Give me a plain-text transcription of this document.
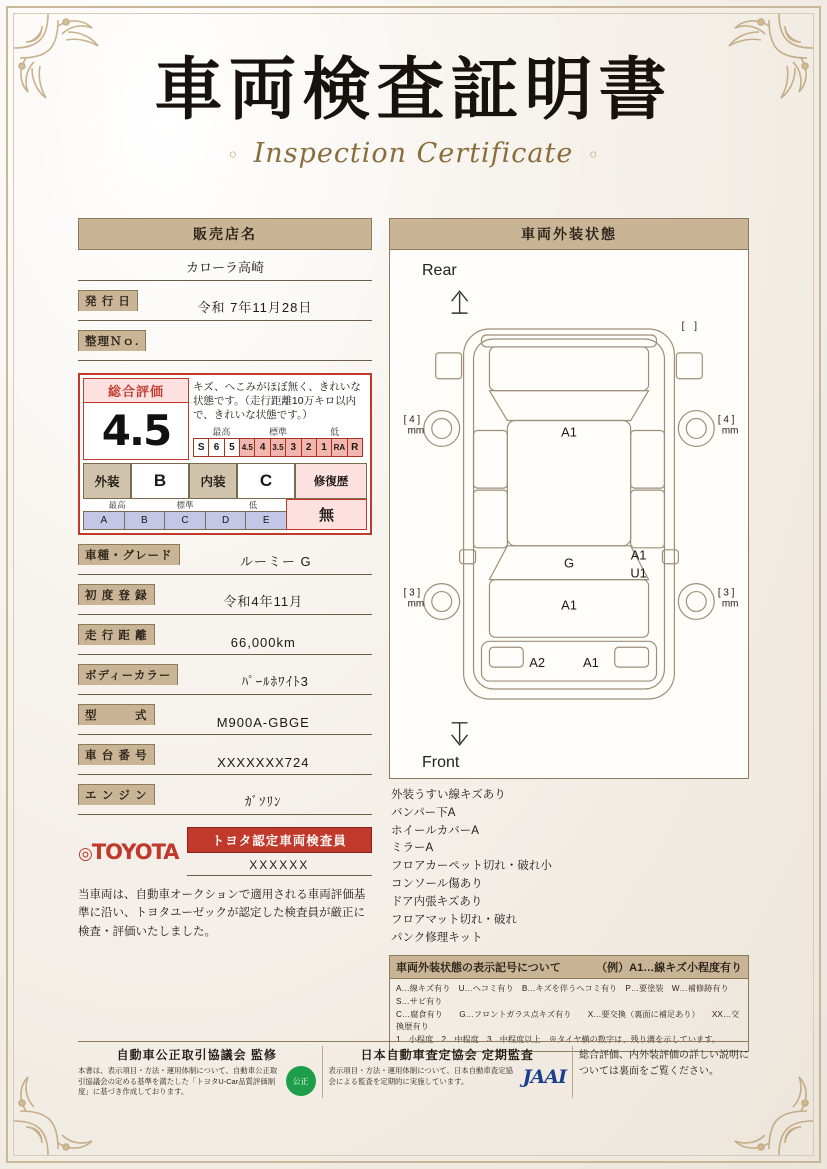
車両検査証明書
◦ Inspection Certificate ◦
販売店名
カローラ高崎
発 行 日	令和 7年11月28日
整理Ｎｏ.
総合評価
4.5
キズ、へこみがほぼ無く、きれいな状態です。（走行距離10万キロ以内で、きれいな状態です。）
最高	標準	低
S 6 5 4.5 4 3.5 3 2 1 RA R
外装	B	内装	C	修復歴
最高	標準	低
A	B	C	D	E	無
車種・グレード	ルーミー G
初 度 登 録	令和4年11月
走 行 距 離	66,000km
ボディーカラー	ﾊﾟｰﾙﾎﾜｲﾄ3
型　　　式	M900A-GBGE
車 台 番 号	XXXXXXX724
エ ン ジ ン	ｶﾞｿﾘﾝ
◎TOYOTA	トヨタ認定車両検査員
XXXXXX
当車両は、自動車オークションで適用される車両評価基準に沿い、トヨタユーゼックが認定した検査員が厳正に検査・評価いたしました。
車両外装状態
A1
A1
U1
G
A1
A2	A1
[ 4 ]
mm
[ 4 ]
mm
[ 3 ]
mm
[ 3 ]
mm
[　]
Rear
Front
外装うすい線キズあり
バンパー下A
ホイールカバーA
ミラーA
フロアカーペット切れ・破れ小
コンソール傷あり
ドア内張キズあり
フロアマット切れ・破れ
パンク修理キット
車両外装状態の表示記号について	（例）A1…線キズ小程度有り
A…線キズ有り　U…ヘコミ有り　B…キズを伴うヘコミ有り　P…要塗装　W…補修跡有り　S…サビ有り
C…腐食有り　　G…フロントガラス点キズ有り　　X…要交換（裏面に補足あり）　　XX…交換歴有り
1…小程度　2…中程度　3…中程度以上　※タイヤ横の数字は、残り溝を示しています。
自動車公正取引協議会 監修

本書は、表示項目・方法・運用体制について、自動車公正取引協議会の定める基準を満たした「トヨタU-Car品質評価制度」に基づき作成しております。

公正
日本自動車査定協会 定期監査

表示項目・方法・運用体制について、日本自動車査定協会による監査を定期的に実施しています。	JAAI
総合評価、内外装評価の詳しい説明については裏面をご覧ください。
